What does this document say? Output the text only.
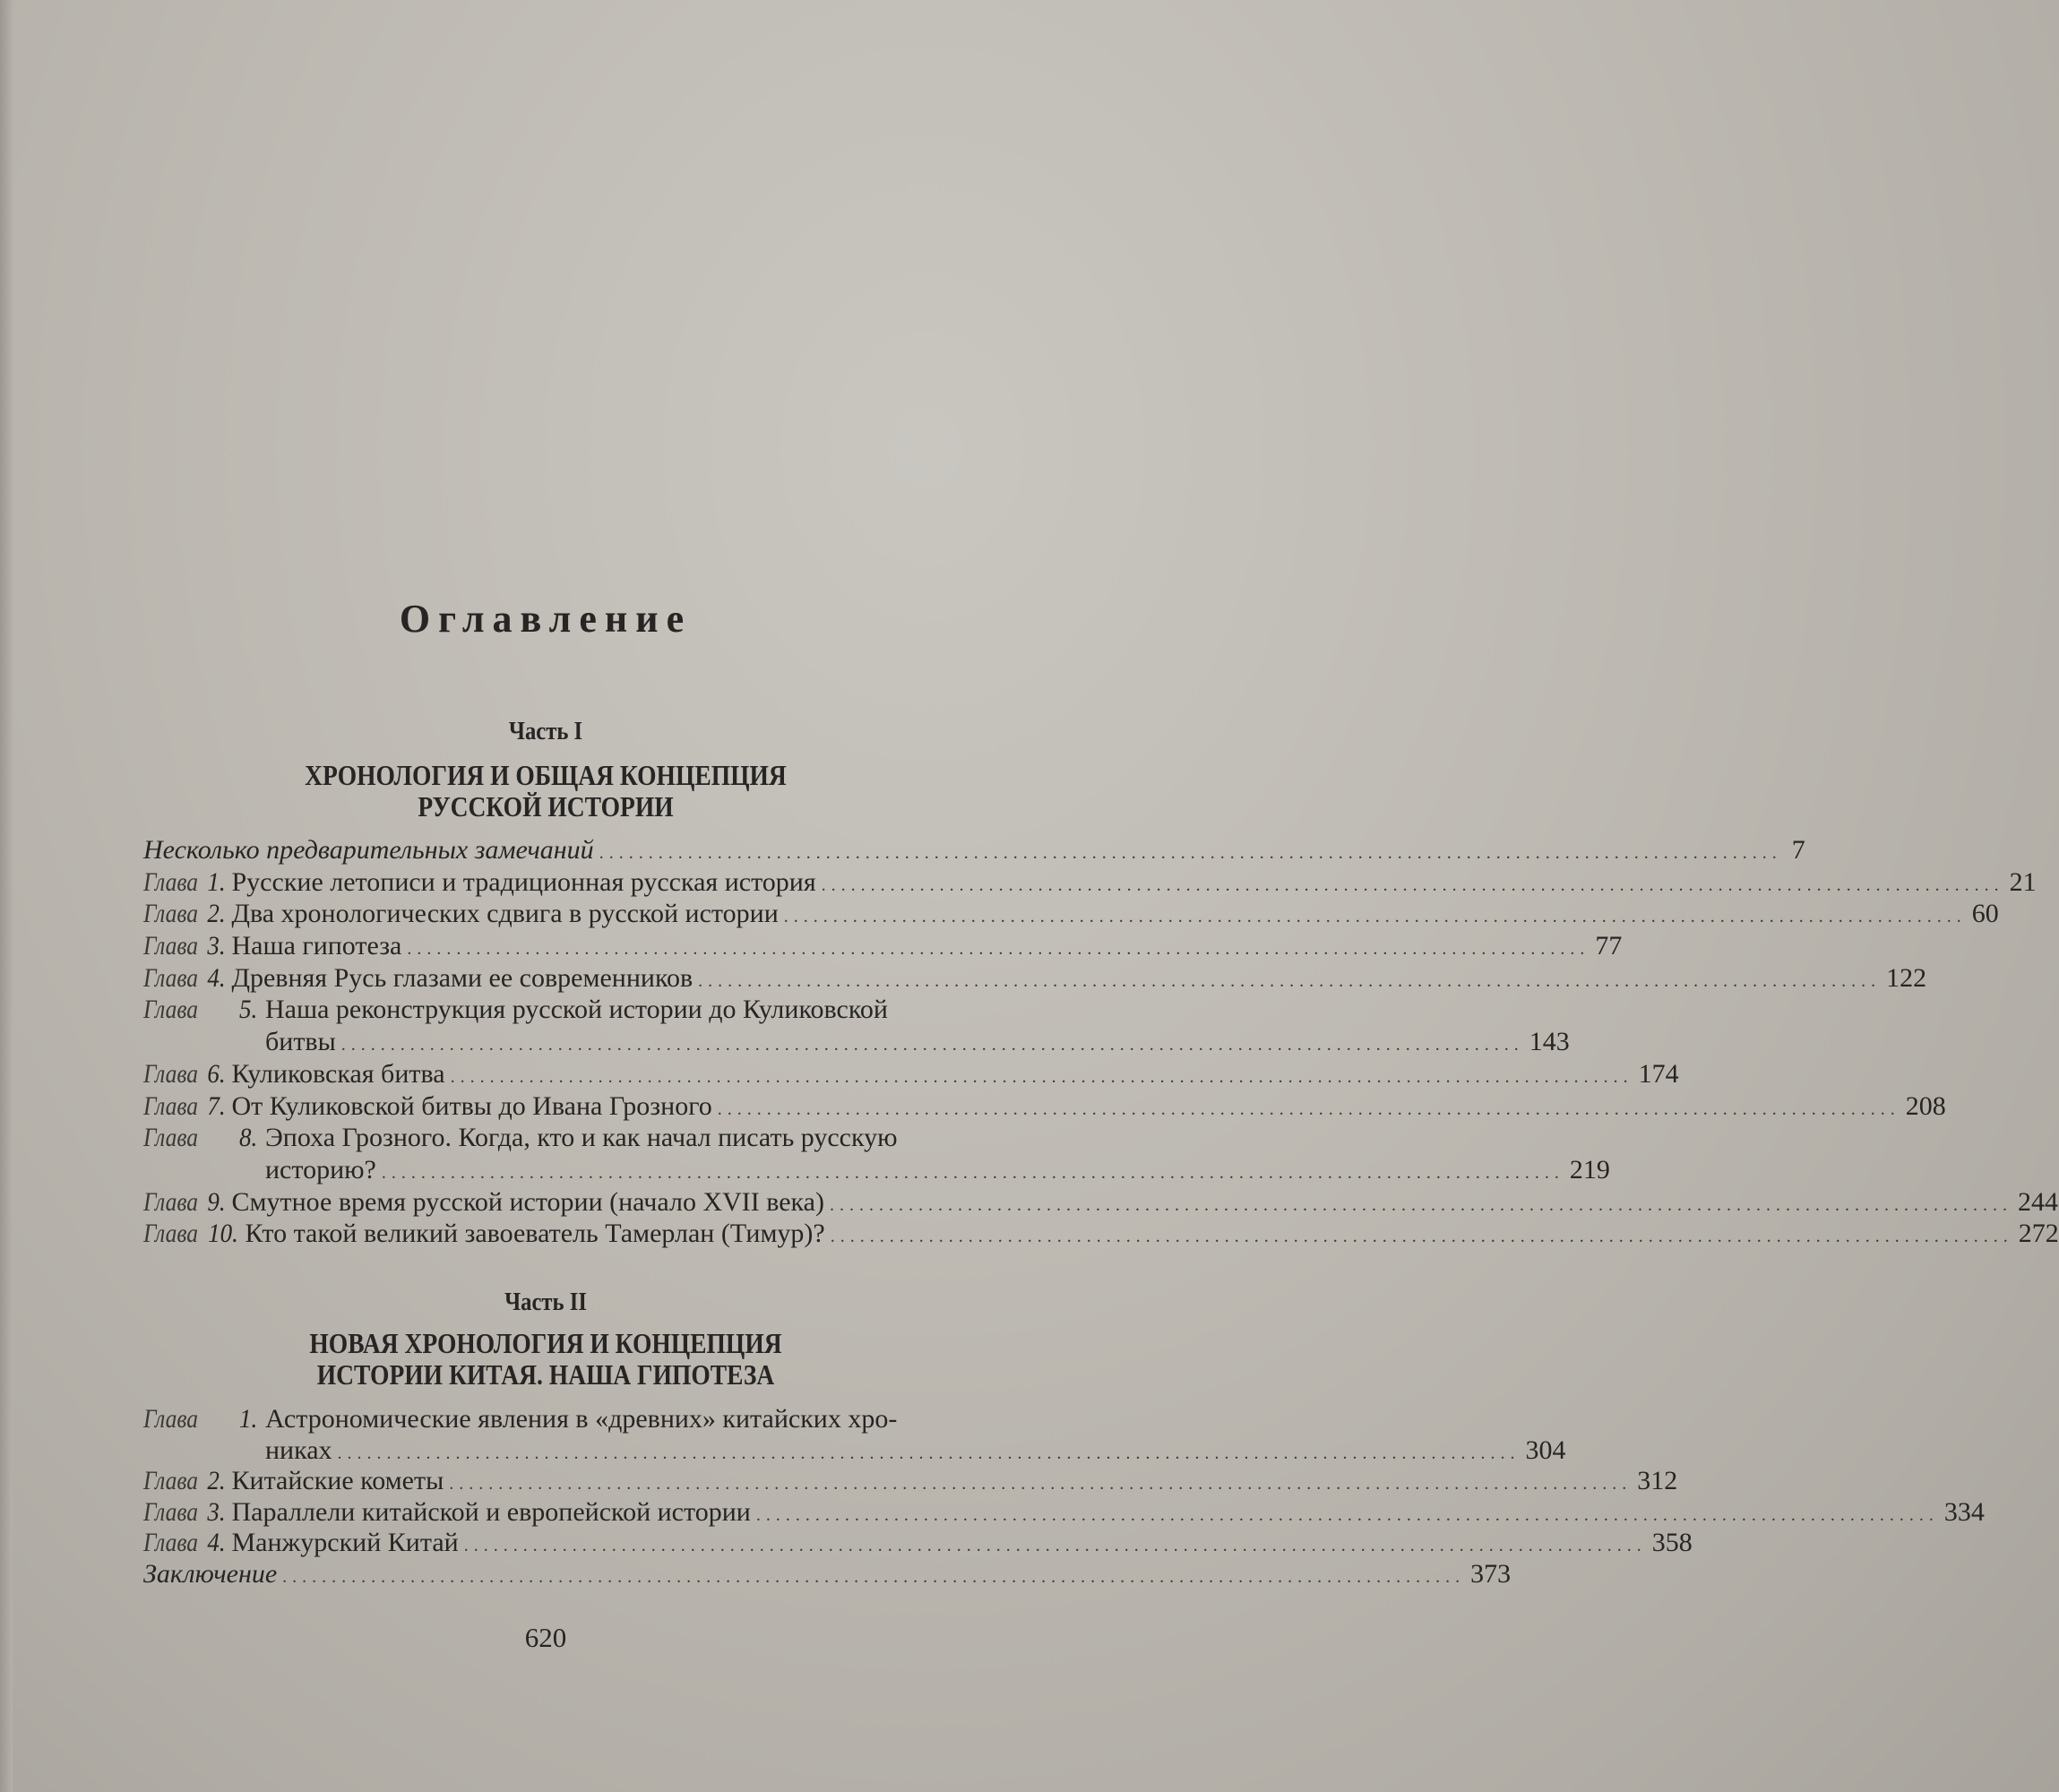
Оглавление
Часть I
ХРОНОЛОГИЯ И ОБЩАЯ КОНЦЕПЦИЯ
РУССКОЙ ИСТОРИИ
Несколько предварительных замечаний ........................................................................................................................ 7
Глава 1. Русские летописи и традиционная русская история ........................................................................................................................ 21
Глава 2. Два хронологических сдвига в русской истории ........................................................................................................................ 60
Глава 3. Наша гипотеза ........................................................................................................................ 77
Глава 4. Древняя Русь глазами ее современников ........................................................................................................................ 122
Глава	5. Наша реконструкция русской истории до Куликовской
битвы ........................................................................................................................ 143
Глава 6. Куликовская битва ........................................................................................................................ 174
Глава 7. От Куликовской битвы до Ивана Грозного ........................................................................................................................ 208
Глава	8. Эпоха Грозного. Когда, кто и как начал писать русскую
историю? ........................................................................................................................ 219
Глава 9. Смутное время русской истории (начало XVII века) ........................................................................................................................ 244
Глава 10. Кто такой великий завоеватель Тамерлан (Тимур)? ........................................................................................................................ 272
Часть II
НОВАЯ ХРОНОЛОГИЯ И КОНЦЕПЦИЯ
ИСТОРИИ КИТАЯ. НАША ГИПОТЕЗА
Глава	1. Астрономические явления в «древних» китайских хро-
никах ........................................................................................................................ 304
Глава 2. Китайские кометы ........................................................................................................................ 312
Глава 3. Параллели китайской и европейской истории ........................................................................................................................ 334
Глава 4. Манжурский Китай ........................................................................................................................ 358
Заключение ........................................................................................................................ 373
620
